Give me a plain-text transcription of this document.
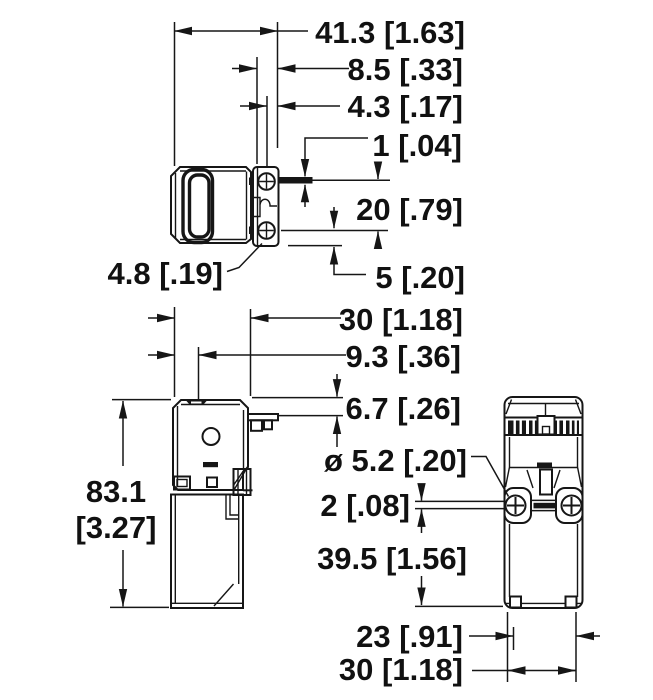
41.3 [1.63]
8.5 [.33]
4.3 [.17]
1 [.04]
20 [.79]
5 [.20]
4.8 [.19]
30 [1.18]
9.3 [.36]
6.7 [.26]
83.1
[3.27]
ø 5.2 [.20]
2 [.08]
39.5 [1.56]
23 [.91]
30 [1.18]
